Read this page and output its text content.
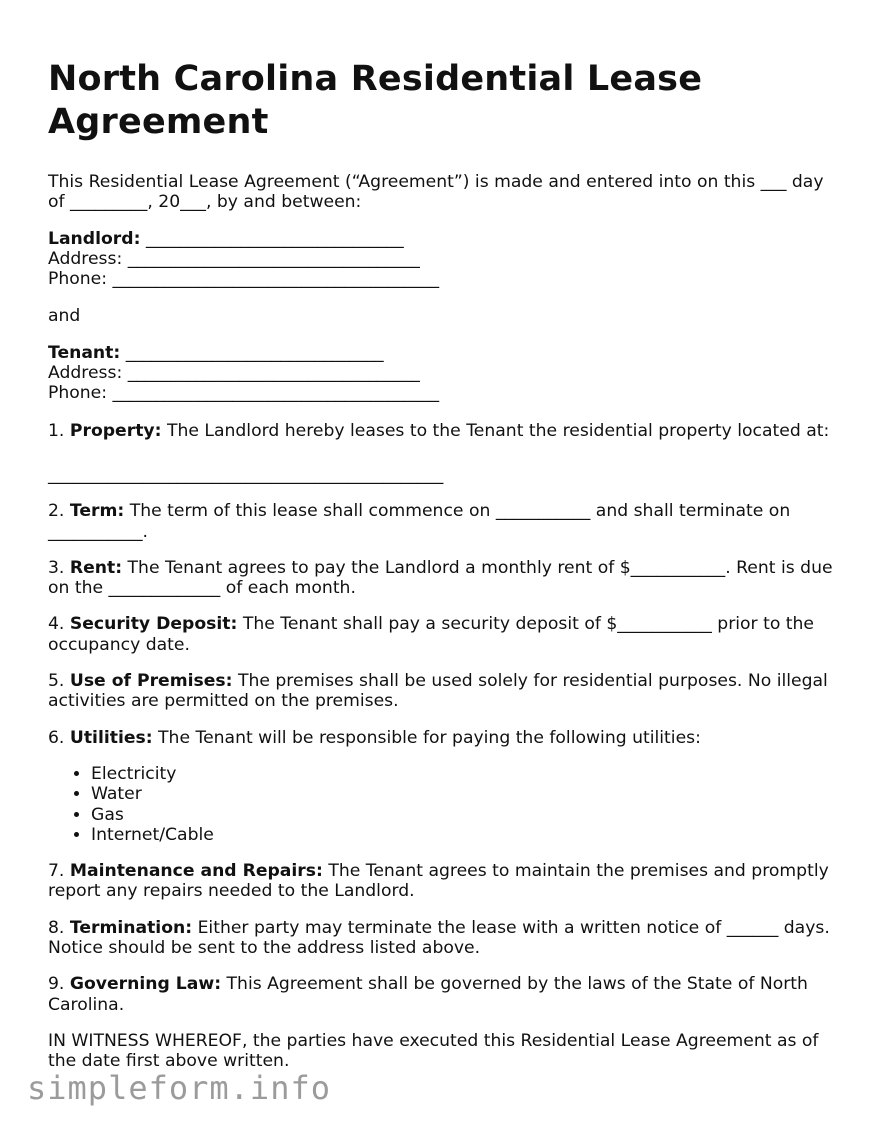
North Carolina Residential Lease Agreement

This Residential Lease Agreement (“Agreement”) is made and entered into on this ___ day of _________, 20___, by and between:

Landlord: ______________________________
Address: __________________________________
Phone: ______________________________________

and

Tenant: ______________________________
Address: __________________________________
Phone: ______________________________________

1. Property: The Landlord hereby leases to the Tenant the residential property located at:

______________________________________________

2. Term: The term of this lease shall commence on ___________ and shall terminate on ___________.

3. Rent: The Tenant agrees to pay the Landlord a monthly rent of $___________. Rent is due on the _____________ of each month.

4. Security Deposit: The Tenant shall pay a security deposit of $___________ prior to the occupancy date.

5. Use of Premises: The premises shall be used solely for residential purposes. No illegal activities are permitted on the premises.

6. Utilities: The Tenant will be responsible for paying the following utilities:

• Electricity
• Water
• Gas
• Internet/Cable

7. Maintenance and Repairs: The Tenant agrees to maintain the premises and promptly report any repairs needed to the Landlord.

8. Termination: Either party may terminate the lease with a written notice of ______ days. Notice should be sent to the address listed above.

9. Governing Law: This Agreement shall be governed by the laws of the State of North Carolina.

IN WITNESS WHEREOF, the parties have executed this Residential Lease Agreement as of the date first above written.

simpleform.info
